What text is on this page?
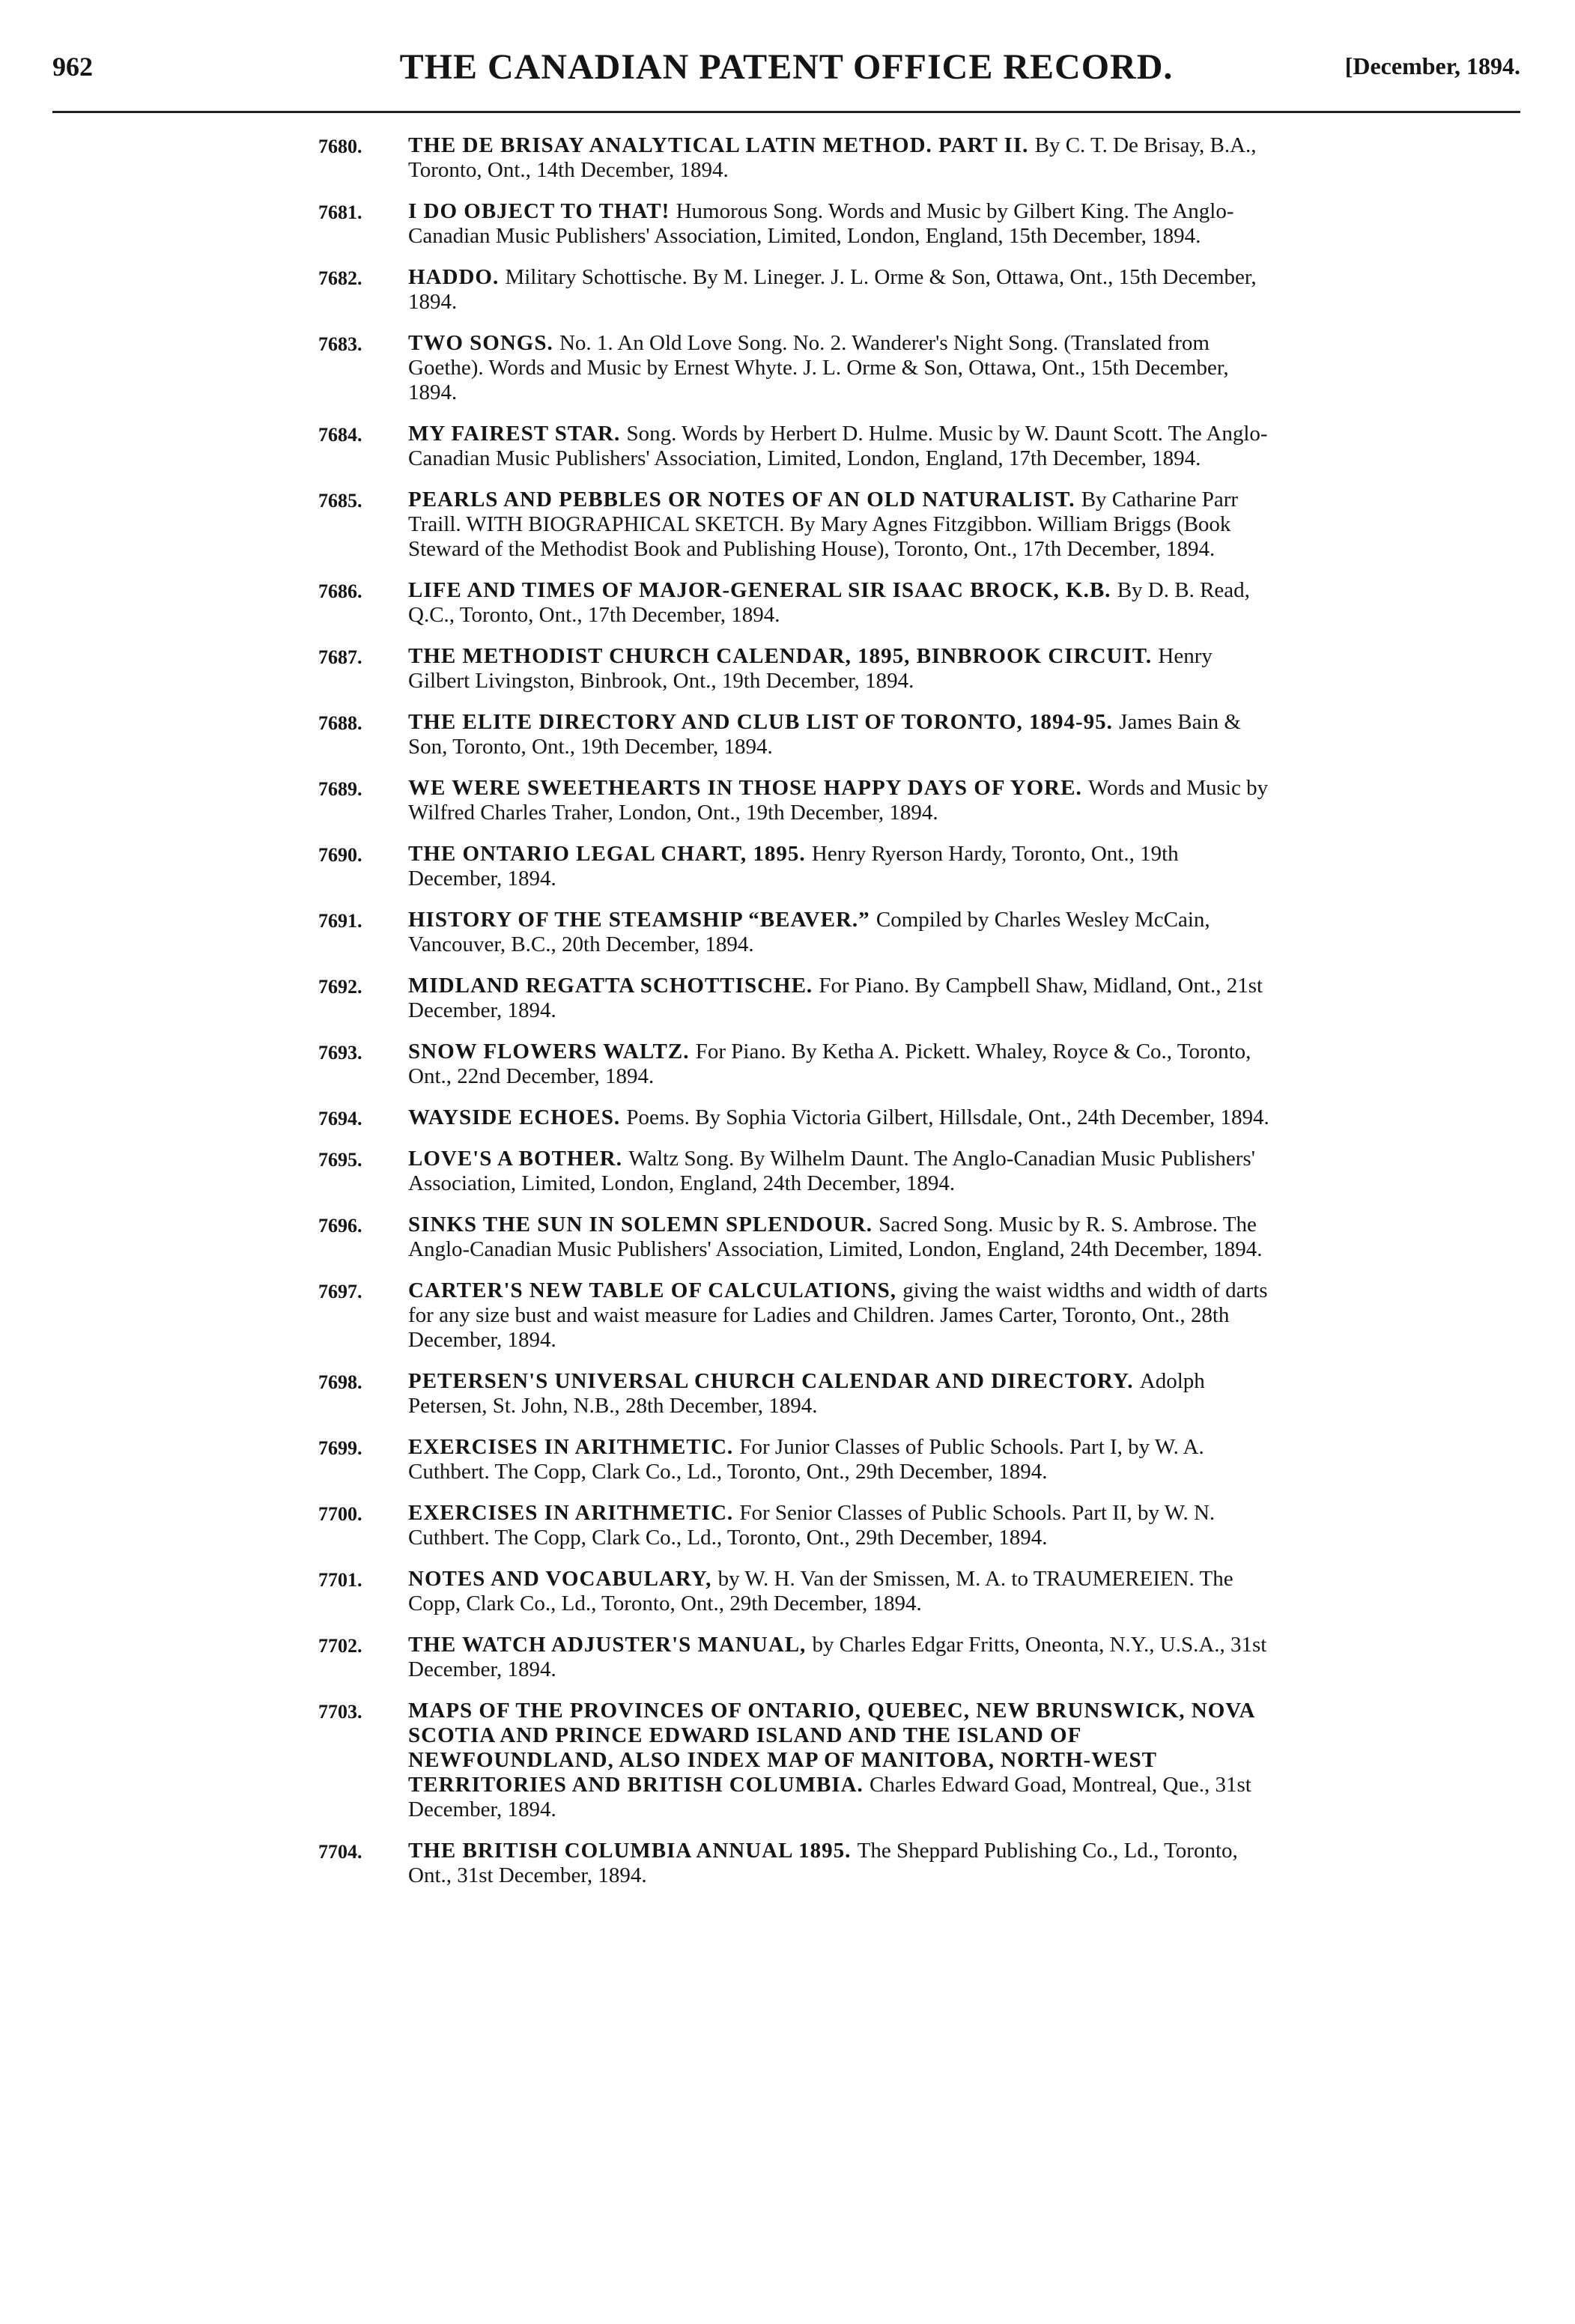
962	THE CANADIAN PATENT OFFICE RECORD.	[December, 1894.
7680.	THE DE BRISAY ANALYTICAL LATIN METHOD. PART II. By C. T. De Brisay, B.A., Toronto, Ont., 14th December, 1894.
7681.	I DO OBJECT TO THAT! Humorous Song. Words and Music by Gilbert King. The Anglo-Canadian Music Publishers' Association, Limited, London, England, 15th December, 1894.
7682.	HADDO. Military Schottische. By M. Lineger. J. L. Orme & Son, Ottawa, Ont., 15th December, 1894.
7683.	TWO SONGS. No. 1. An Old Love Song. No. 2. Wanderer's Night Song. (Translated from Goethe). Words and Music by Ernest Whyte. J. L. Orme & Son, Ottawa, Ont., 15th December, 1894.
7684.	MY FAIREST STAR. Song. Words by Herbert D. Hulme. Music by W. Daunt Scott. The Anglo-Canadian Music Publishers' Association, Limited, London, England, 17th December, 1894.
7685.	PEARLS AND PEBBLES OR NOTES OF AN OLD NATURALIST. By Catharine Parr Traill. WITH BIOGRAPHICAL SKETCH. By Mary Agnes Fitzgibbon. William Briggs (Book Steward of the Methodist Book and Publishing House), Toronto, Ont., 17th December, 1894.
7686.	LIFE AND TIMES OF MAJOR-GENERAL SIR ISAAC BROCK, K.B. By D. B. Read, Q.C., Toronto, Ont., 17th December, 1894.
7687.	THE METHODIST CHURCH CALENDAR, 1895, BINBROOK CIRCUIT. Henry Gilbert Livingston, Binbrook, Ont., 19th December, 1894.
7688.	THE ELITE DIRECTORY AND CLUB LIST OF TORONTO, 1894-95. James Bain & Son, Toronto, Ont., 19th December, 1894.
7689.	WE WERE SWEETHEARTS IN THOSE HAPPY DAYS OF YORE. Words and Music by Wilfred Charles Traher, London, Ont., 19th December, 1894.
7690.	THE ONTARIO LEGAL CHART, 1895. Henry Ryerson Hardy, Toronto, Ont., 19th December, 1894.
7691.	HISTORY OF THE STEAMSHIP “BEAVER.” Compiled by Charles Wesley McCain, Vancouver, B.C., 20th December, 1894.
7692.	MIDLAND REGATTA SCHOTTISCHE. For Piano. By Campbell Shaw, Midland, Ont., 21st December, 1894.
7693.	SNOW FLOWERS WALTZ. For Piano. By Ketha A. Pickett. Whaley, Royce & Co., Toronto, Ont., 22nd December, 1894.
7694.	WAYSIDE ECHOES. Poems. By Sophia Victoria Gilbert, Hillsdale, Ont., 24th December, 1894.
7695.	LOVE'S A BOTHER. Waltz Song. By Wilhelm Daunt. The Anglo-Canadian Music Publishers' Association, Limited, London, England, 24th December, 1894.
7696.	SINKS THE SUN IN SOLEMN SPLENDOUR. Sacred Song. Music by R. S. Ambrose. The Anglo-Canadian Music Publishers' Association, Limited, London, England, 24th December, 1894.
7697.	CARTER'S NEW TABLE OF CALCULATIONS, giving the waist widths and width of darts for any size bust and waist measure for Ladies and Children. James Carter, Toronto, Ont., 28th December, 1894.
7698.	PETERSEN'S UNIVERSAL CHURCH CALENDAR AND DIRECTORY. Adolph Petersen, St. John, N.B., 28th December, 1894.
7699.	EXERCISES IN ARITHMETIC. For Junior Classes of Public Schools. Part I, by W. A. Cuthbert. The Copp, Clark Co., Ld., Toronto, Ont., 29th December, 1894.
7700.	EXERCISES IN ARITHMETIC. For Senior Classes of Public Schools. Part II, by W. N. Cuthbert. The Copp, Clark Co., Ld., Toronto, Ont., 29th December, 1894.
7701.	NOTES AND VOCABULARY, by W. H. Van der Smissen, M. A. to TRAUMEREIEN. The Copp, Clark Co., Ld., Toronto, Ont., 29th December, 1894.
7702.	THE WATCH ADJUSTER'S MANUAL, by Charles Edgar Fritts, Oneonta, N.Y., U.S.A., 31st December, 1894.
7703.	MAPS OF THE PROVINCES OF ONTARIO, QUEBEC, NEW BRUNSWICK, NOVA SCOTIA AND PRINCE EDWARD ISLAND AND THE ISLAND OF NEWFOUNDLAND, ALSO INDEX MAP OF MANITOBA, NORTH-WEST TERRITORIES AND BRITISH COLUMBIA. Charles Edward Goad, Montreal, Que., 31st December, 1894.
7704.	THE BRITISH COLUMBIA ANNUAL 1895. The Sheppard Publishing Co., Ld., Toronto, Ont., 31st December, 1894.
